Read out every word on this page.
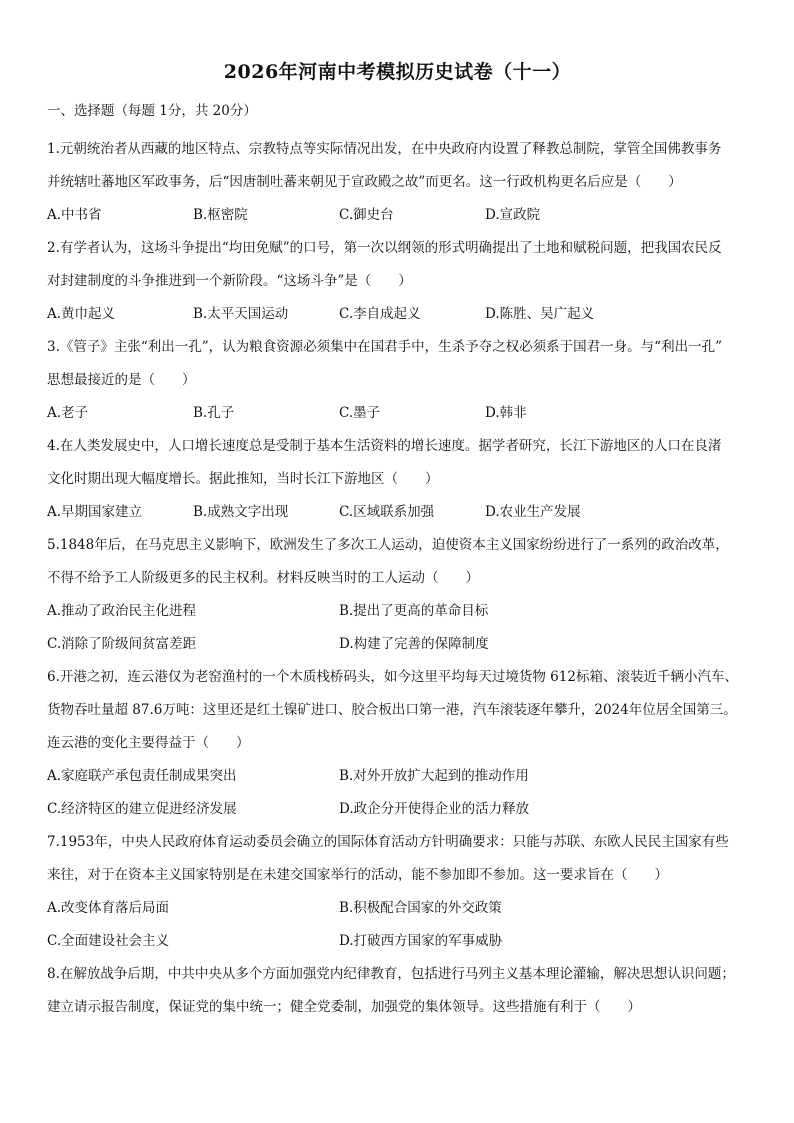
2026年河南中考模拟历史试卷（十一）

一、选择题（每题 1分，共 20分）

1.元朝统治者从西藏的地区特点、宗教特点等实际情况出发，在中央政府内设置了释教总制院，掌管全国佛教事务

并统辖吐蕃地区军政事务，后“因唐制吐蕃来朝见于宣政殿之故”而更名。这一行政机构更名后应是（　　）

A.中书省	B.枢密院	C.御史台	D.宣政院

2.有学者认为，这场斗争提出“均田免赋”的口号，第一次以纲领的形式明确提出了土地和赋税问题，把我国农民反

对封建制度的斗争推进到一个新阶段。“这场斗争”是（　　）

A.黄巾起义	B.太平天国运动	C.李自成起义	D.陈胜、吴广起义

3.《管子》主张“利出一孔”，认为粮食资源必须集中在国君手中，生杀予夺之权必须系于国君一身。与“利出一孔”

思想最接近的是（　　）

A.老子	B.孔子	C.墨子	D.韩非

4.在人类发展史中，人口增长速度总是受制于基本生活资料的增长速度。据学者研究，长江下游地区的人口在良渚

文化时期出现大幅度增长。据此推知，当时长江下游地区（　　）

A.早期国家建立	B.成熟文字出现	C.区域联系加强	D.农业生产发展

5.1848年后，在马克思主义影响下，欧洲发生了多次工人运动，迫使资本主义国家纷纷进行了一系列的政治改革，

不得不给予工人阶级更多的民主权利。材料反映当时的工人运动（　　）

A.推动了政治民主化进程	B.提出了更高的革命目标
C.消除了阶级间贫富差距	D.构建了完善的保障制度

6.开港之初，连云港仅为老窑渔村的一个木质栈桥码头，如今这里平均每天过境货物 612标箱、滚装近千辆小汽车、

货物吞吐量超 87.6万吨：这里还是红土镍矿进口、胶合板出口第一港，汽车滚装逐年攀升，2024年位居全国第三。

连云港的变化主要得益于（　　）

A.家庭联产承包责任制成果突出	B.对外开放扩大起到的推动作用
C.经济特区的建立促进经济发展	D.政企分开使得企业的活力释放

7.1953年，中央人民政府体育运动委员会确立的国际体育活动方针明确要求：只能与苏联、东欧人民民主国家有些

来往，对于在资本主义国家特别是在未建交国家举行的活动，能不参加即不参加。这一要求旨在（　　）

A.改变体育落后局面	B.积极配合国家的外交政策
C.全面建设社会主义	D.打破西方国家的军事威胁

8.在解放战争后期，中共中央从多个方面加强党内纪律教育，包括进行马列主义基本理论灌输，解决思想认识问题；

建立请示报告制度，保证党的集中统一；健全党委制，加强党的集体领导。这些措施有利于（　　）
